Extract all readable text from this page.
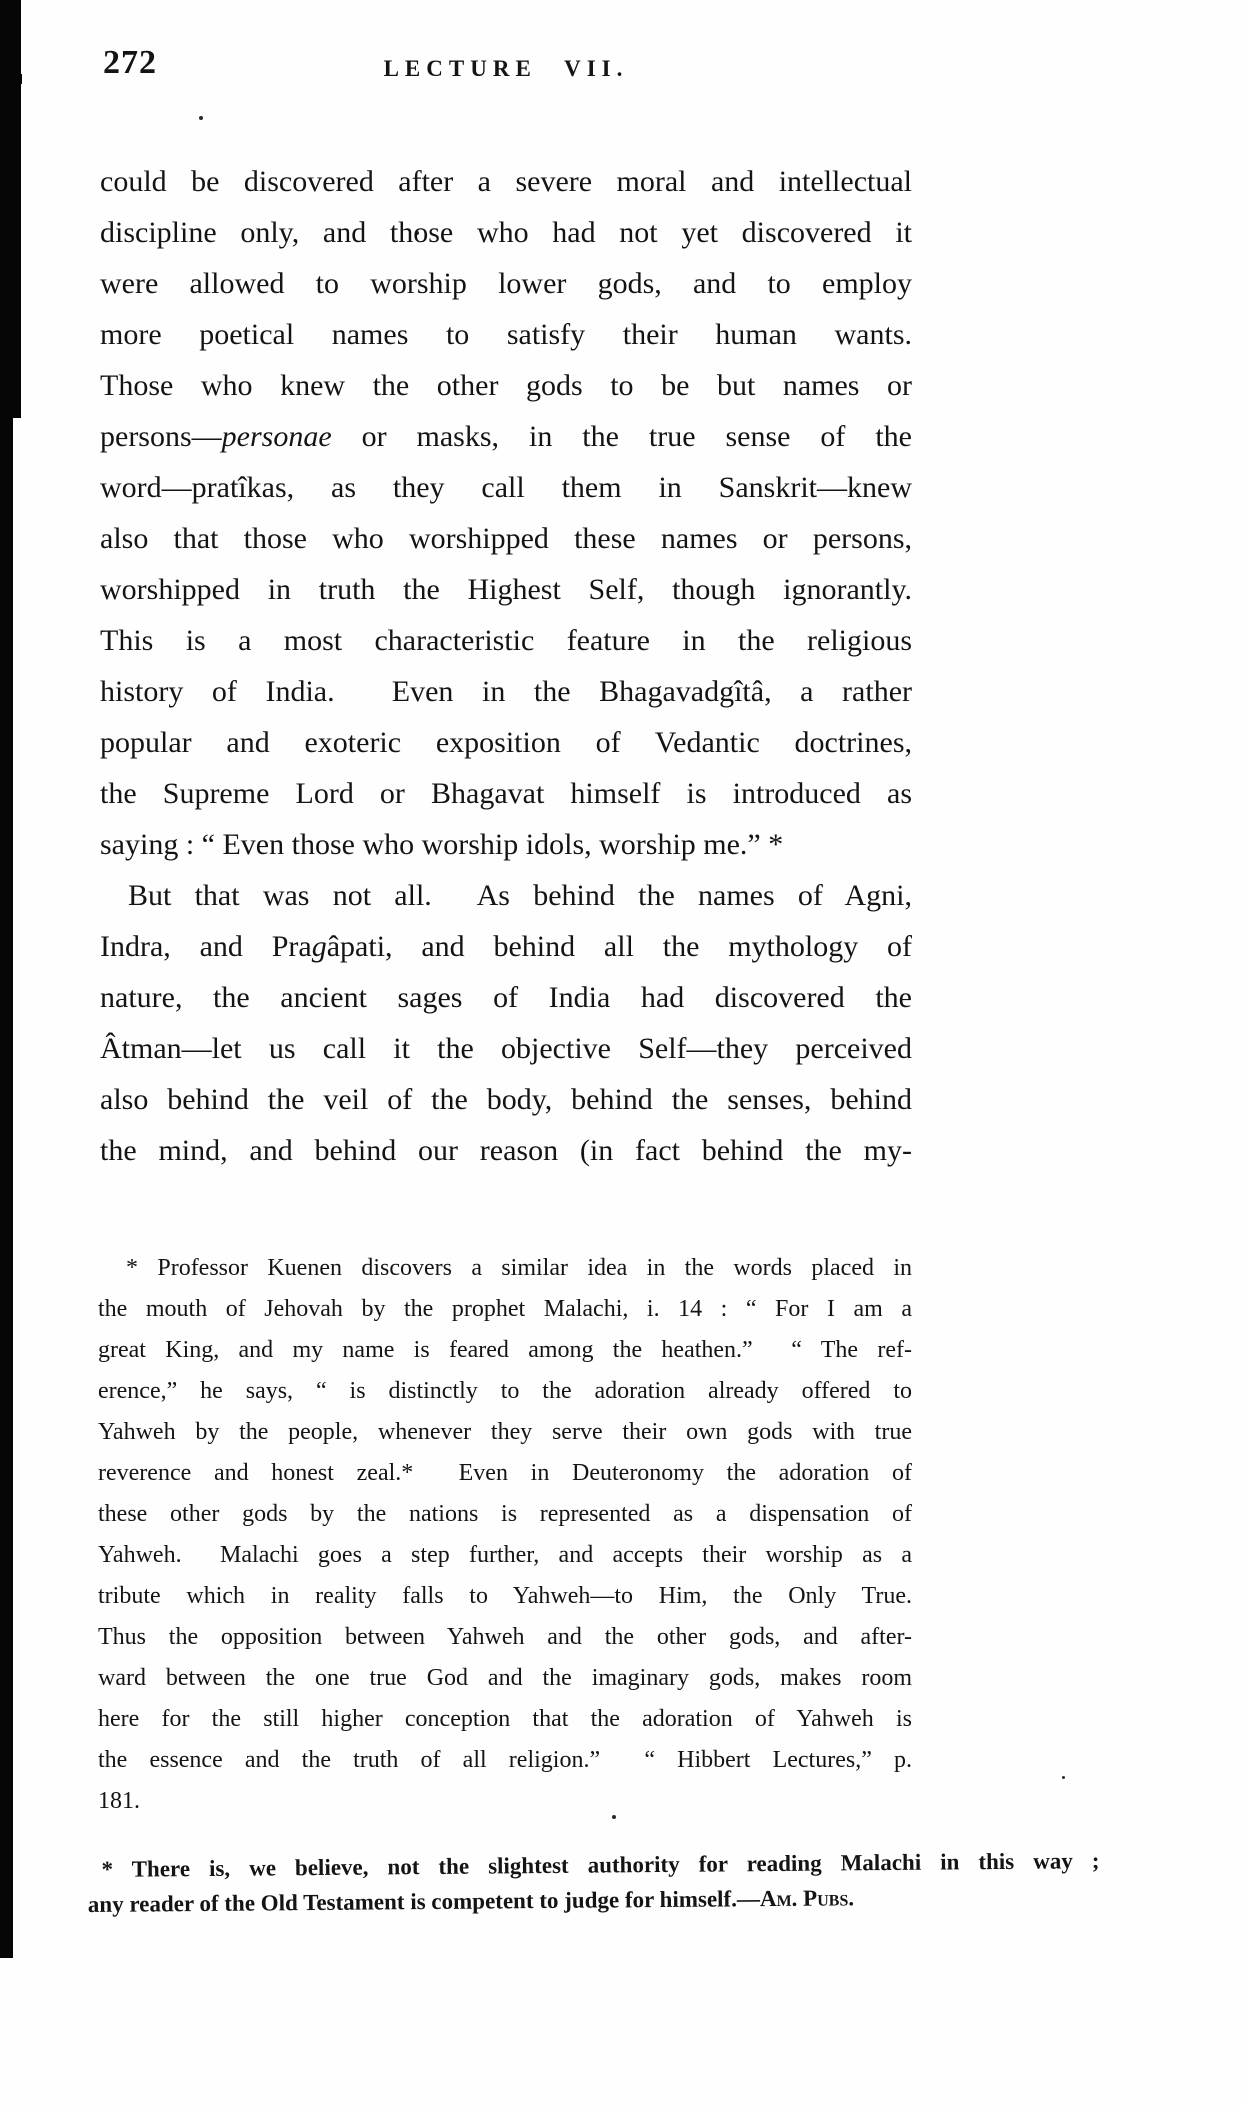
272	LECTURE VII.
could be discovered after a severe moral and intellectual
discipline only, and those who had not yet discovered it
were allowed to worship lower gods, and to employ
more poetical names to satisfy their human wants.
Those who knew the other gods to be but names or
persons—personae or masks, in the true sense of the
word—pratîkas, as they call them in Sanskrit—knew
also that those who worshipped these names or persons,
worshipped in truth the Highest Self, though ignorantly.
This is a most characteristic feature in the religious
history of India.  Even in the Bhagavadgîtâ, a rather
popular and exoteric exposition of Vedantic doctrines,
the Supreme Lord or Bhagavat himself is introduced as
saying : “ Even those who worship idols, worship me.” *
But that was not all.  As behind the names of Agni,
Indra, and Pragâpati, and behind all the mythology of
nature, the ancient sages of India had discovered the
Âtman—let us call it the objective Self—they perceived
also behind the veil of the body, behind the senses, behind
the mind, and behind our reason (in fact behind the my-
* Professor Kuenen discovers a similar idea in the words placed in
the mouth of Jehovah by the prophet Malachi, i. 14 : “ For I am a
great King, and my name is feared among the heathen.”  “ The ref-
erence,” he says, “ is distinctly to the adoration already offered to
Yahweh by the people, whenever they serve their own gods with true
reverence and honest zeal.*  Even in Deuteronomy the adoration of
these other gods by the nations is represented as a dispensation of
Yahweh.  Malachi goes a step further, and accepts their worship as a
tribute which in reality falls to Yahweh—to Him, the Only True.
Thus the opposition between Yahweh and the other gods, and after-
ward between the one true God and the imaginary gods, makes room
here for the still higher conception that the adoration of Yahweh is
the essence and the truth of all religion.”  “ Hibbert Lectures,” p.
181.
* There is, we believe, not the slightest authority for reading Malachi in this way ;
any reader of the Old Testament is competent to judge for himself.—Am. Pubs.
